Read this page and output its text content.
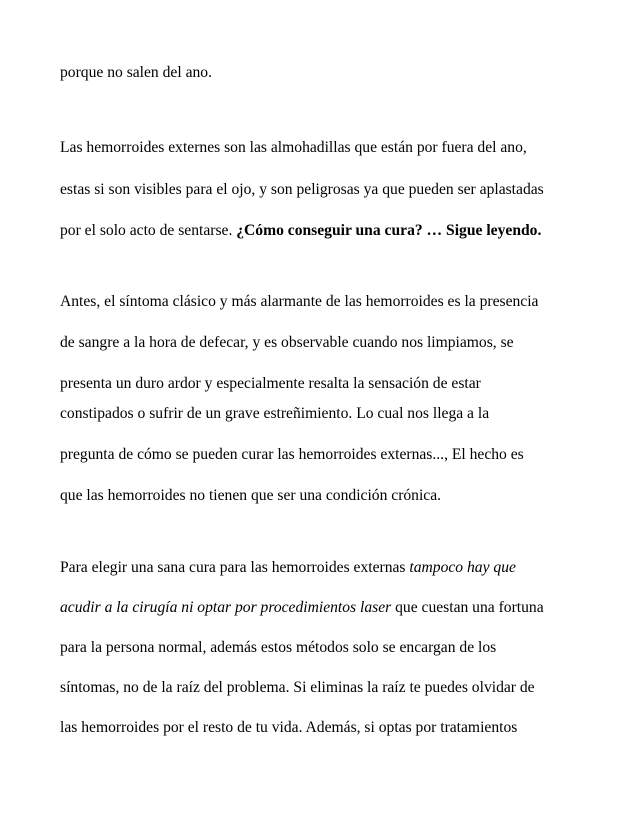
porque no salen del ano.
Las hemorroides externes son las almohadillas que están por fuera del ano,
estas si son visibles para el ojo, y son peligrosas ya que pueden ser aplastadas
por el solo acto de sentarse. ¿Cómo conseguir una cura? … Sigue leyendo.
Antes, el síntoma clásico y más alarmante de las hemorroides es la presencia
de sangre a la hora de defecar, y es observable cuando nos limpiamos, se
presenta un duro ardor y especialmente resalta la sensación de estar
constipados o sufrir de un grave estreñimiento. Lo cual nos llega a la
pregunta de cómo se pueden curar las hemorroides externas..., El hecho es
que las hemorroides no tienen que ser una condición crónica.
Para elegir una sana cura para las hemorroides externas tampoco hay que
acudir a la cirugía ni optar por procedimientos laser que cuestan una fortuna
para la persona normal, además estos métodos solo se encargan de los
síntomas, no de la raíz del problema. Si eliminas la raíz te puedes olvidar de
las hemorroides por el resto de tu vida. Además, si optas por tratamientos
